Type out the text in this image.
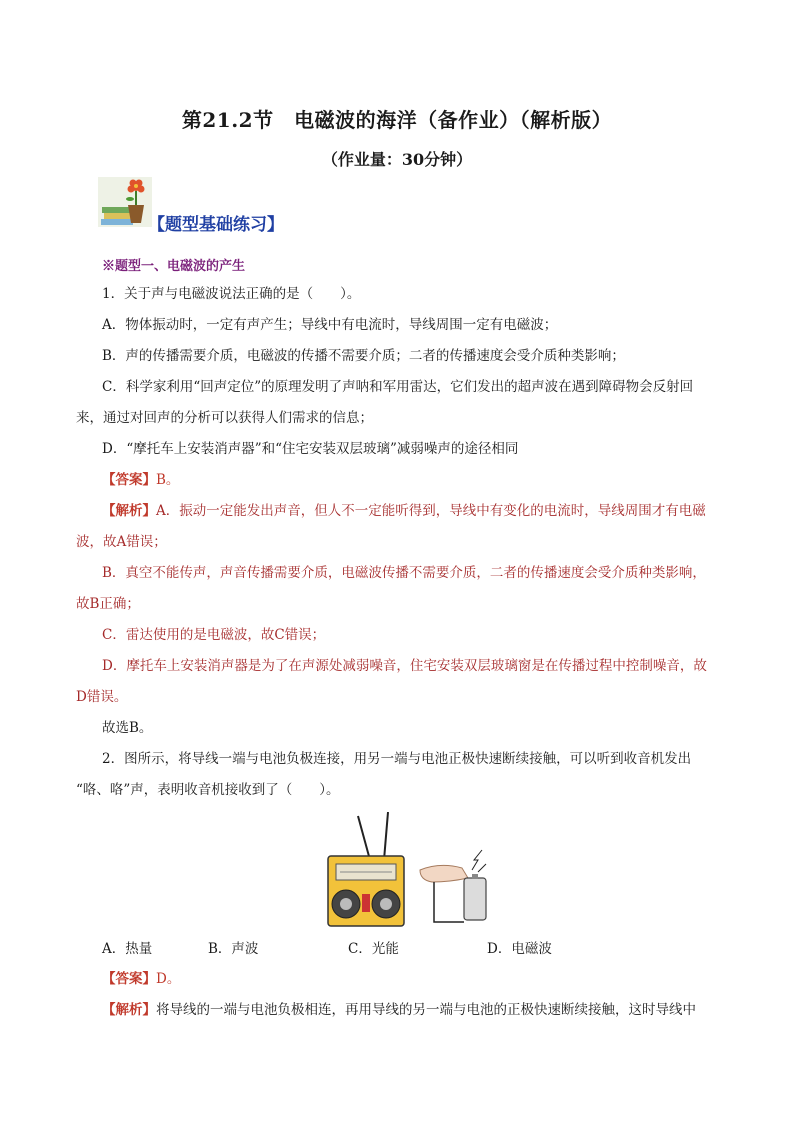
第21.2节　电磁波的海洋（备作业）（解析版）
（作业量：30分钟）
【题型基础练习】
※题型一、电磁波的产生
1．关于声与电磁波说法正确的是（　　）。
A．物体振动时，一定有声产生；导线中有电流时，导线周围一定有电磁波；
B．声的传播需要介质，电磁波的传播不需要介质；二者的传播速度会受介质种类影响；
C．科学家利用“回声定位”的原理发明了声呐和军用雷达，它们发出的超声波在遇到障碍物会反射回
来，通过对回声的分析可以获得人们需求的信息；
D．“摩托车上安装消声器”和“住宅安装双层玻璃”减弱噪声的途径相同
【答案】B。
【解析】A．振动一定能发出声音，但人不一定能听得到，导线中有变化的电流时，导线周围才有电磁
波，故A错误；
B．真空不能传声，声音传播需要介质，电磁波传播不需要介质，二者的传播速度会受介质种类影响，
故B正确；
C．雷达使用的是电磁波，故C错误；
D．摩托车上安装消声器是为了在声源处减弱噪音，住宅安装双层玻璃窗是在传播过程中控制噪音，故
D错误。
故选B。
2．图所示，将导线一端与电池负极连接，用另一端与电池正极快速断续接触，可以听到收音机发出
“咯、咯”声，表明收音机接收到了（　　）。
A．热量	B．声波	C．光能	D．电磁波
【答案】D。
【解析】将导线的一端与电池负极相连，再用导线的另一端与电池的正极快速断续接触，这时导线中
